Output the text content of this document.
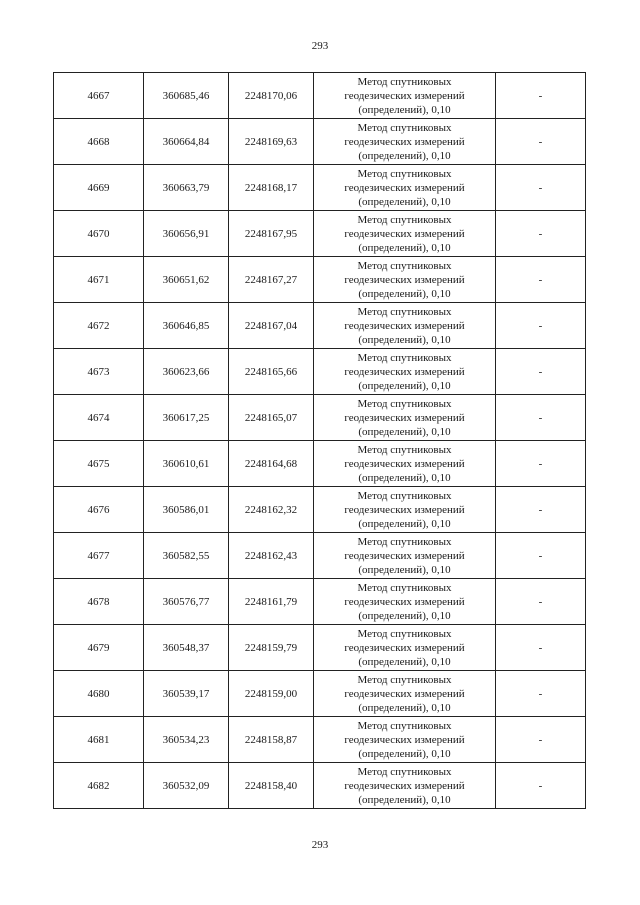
293
4667	360685,46	2248170,06	Метод спутниковых
геодезических измерений
(определений), 0,10	-
4668	360664,84	2248169,63	Метод спутниковых
геодезических измерений
(определений), 0,10	-
4669	360663,79	2248168,17	Метод спутниковых
геодезических измерений
(определений), 0,10	-
4670	360656,91	2248167,95	Метод спутниковых
геодезических измерений
(определений), 0,10	-
4671	360651,62	2248167,27	Метод спутниковых
геодезических измерений
(определений), 0,10	-
4672	360646,85	2248167,04	Метод спутниковых
геодезических измерений
(определений), 0,10	-
4673	360623,66	2248165,66	Метод спутниковых
геодезических измерений
(определений), 0,10	-
4674	360617,25	2248165,07	Метод спутниковых
геодезических измерений
(определений), 0,10	-
4675	360610,61	2248164,68	Метод спутниковых
геодезических измерений
(определений), 0,10	-
4676	360586,01	2248162,32	Метод спутниковых
геодезических измерений
(определений), 0,10	-
4677	360582,55	2248162,43	Метод спутниковых
геодезических измерений
(определений), 0,10	-
4678	360576,77	2248161,79	Метод спутниковых
геодезических измерений
(определений), 0,10	-
4679	360548,37	2248159,79	Метод спутниковых
геодезических измерений
(определений), 0,10	-
4680	360539,17	2248159,00	Метод спутниковых
геодезических измерений
(определений), 0,10	-
4681	360534,23	2248158,87	Метод спутниковых
геодезических измерений
(определений), 0,10	-
4682	360532,09	2248158,40	Метод спутниковых
геодезических измерений
(определений), 0,10	-
293
